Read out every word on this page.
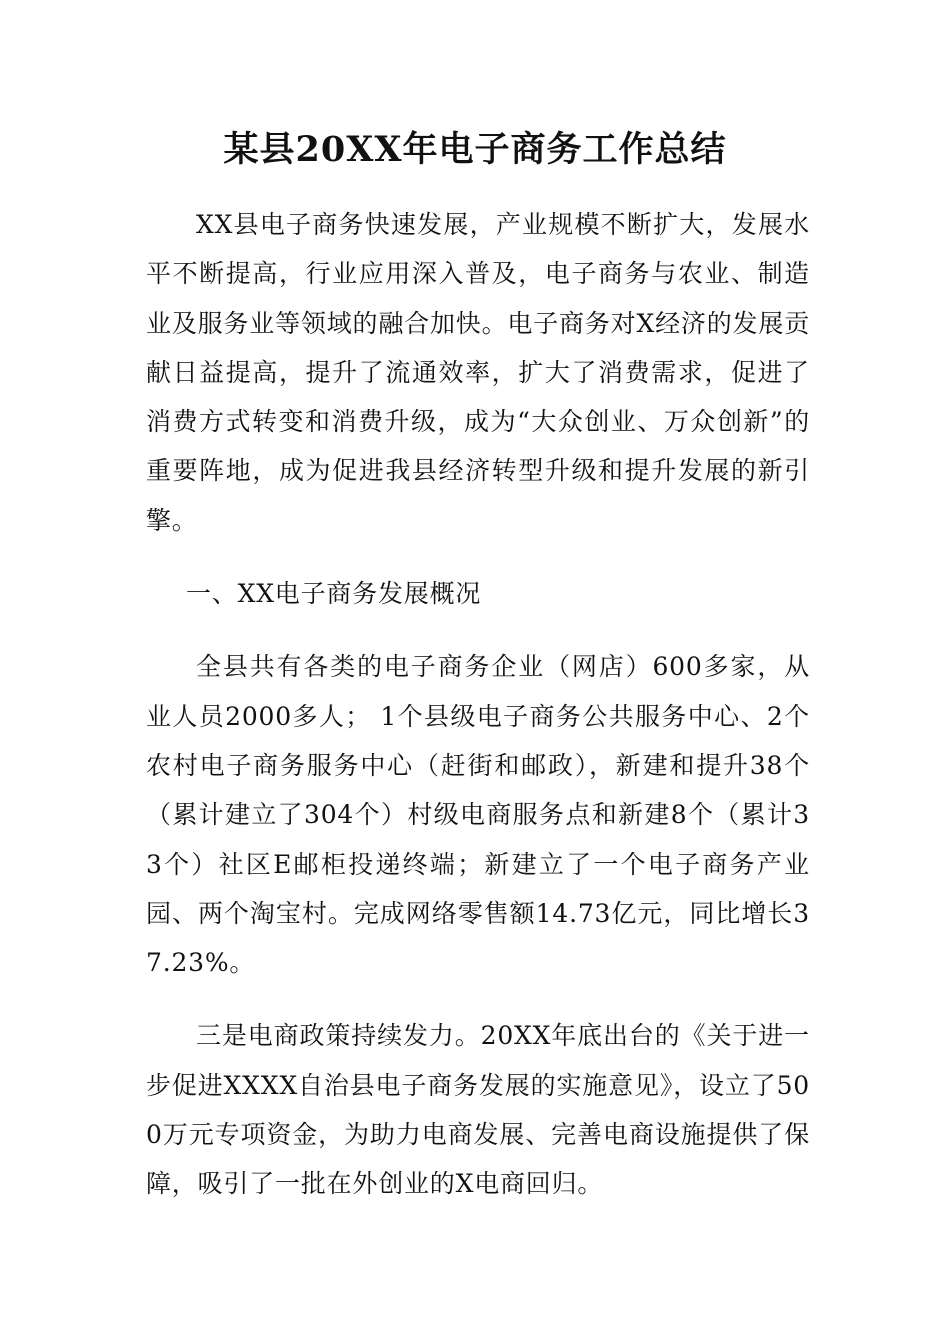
某县20XX年电子商务工作总结

XX县电子商务快速发展，产业规模不断扩大，发展水平不断提高，行业应用深入普及，电子商务与农业、制造业及服务业等领域的融合加快。电子商务对X经济的发展贡献日益提高，提升了流通效率，扩大了消费需求，促进了消费方式转变和消费升级，成为“大众创业、万众创新”的重要阵地，成为促进我县经济转型升级和提升发展的新引擎。

一、XX电子商务发展概况

全县共有各类的电子商务企业（网店）600多家，从业人员2000多人； 1个县级电子商务公共服务中心、2个农村电子商务服务中心（赶街和邮政），新建和提升38个（累计建立了304个）村级电商服务点和新建8个（累计33个）社区E邮柜投递终端；新建立了一个电子商务产业园、两个淘宝村。完成网络零售额14.73亿元，同比增长37.23%。

三是电商政策持续发力。20XX年底出台的《关于进一步促进XXXX自治县电子商务发展的实施意见》，设立了500万元专项资金，为助力电商发展、完善电商设施提供了保障，吸引了一批在外创业的X电商回归。
